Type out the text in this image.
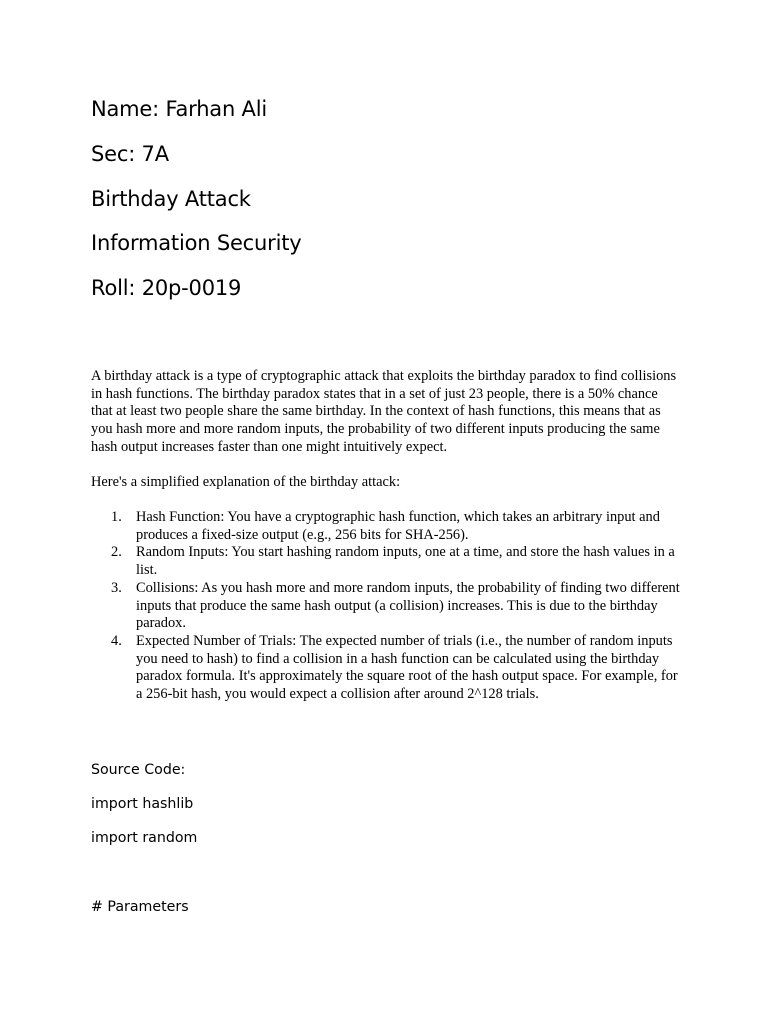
Name: Farhan Ali
Sec: 7A
Birthday Attack
Information Security
Roll: 20p-0019

A birthday attack is a type of cryptographic attack that exploits the birthday paradox to find collisions in hash functions. The birthday paradox states that in a set of just 23 people, there is a 50% chance that at least two people share the same birthday. In the context of hash functions, this means that as you hash more and more random inputs, the probability of two different inputs producing the same hash output increases faster than one might intuitively expect.

Here's a simplified explanation of the birthday attack:

1. Hash Function: You have a cryptographic hash function, which takes an arbitrary input and produces a fixed-size output (e.g., 256 bits for SHA-256).
2. Random Inputs: You start hashing random inputs, one at a time, and store the hash values in a list.
3. Collisions: As you hash more and more random inputs, the probability of finding two different inputs that produce the same hash output (a collision) increases. This is due to the birthday paradox.
4. Expected Number of Trials: The expected number of trials (i.e., the number of random inputs you need to hash) to find a collision in a hash function can be calculated using the birthday paradox formula. It's approximately the square root of the hash output space. For example, for a 256-bit hash, you would expect a collision after around 2^128 trials.
Source Code:
import hashlib
import random
# Parameters
